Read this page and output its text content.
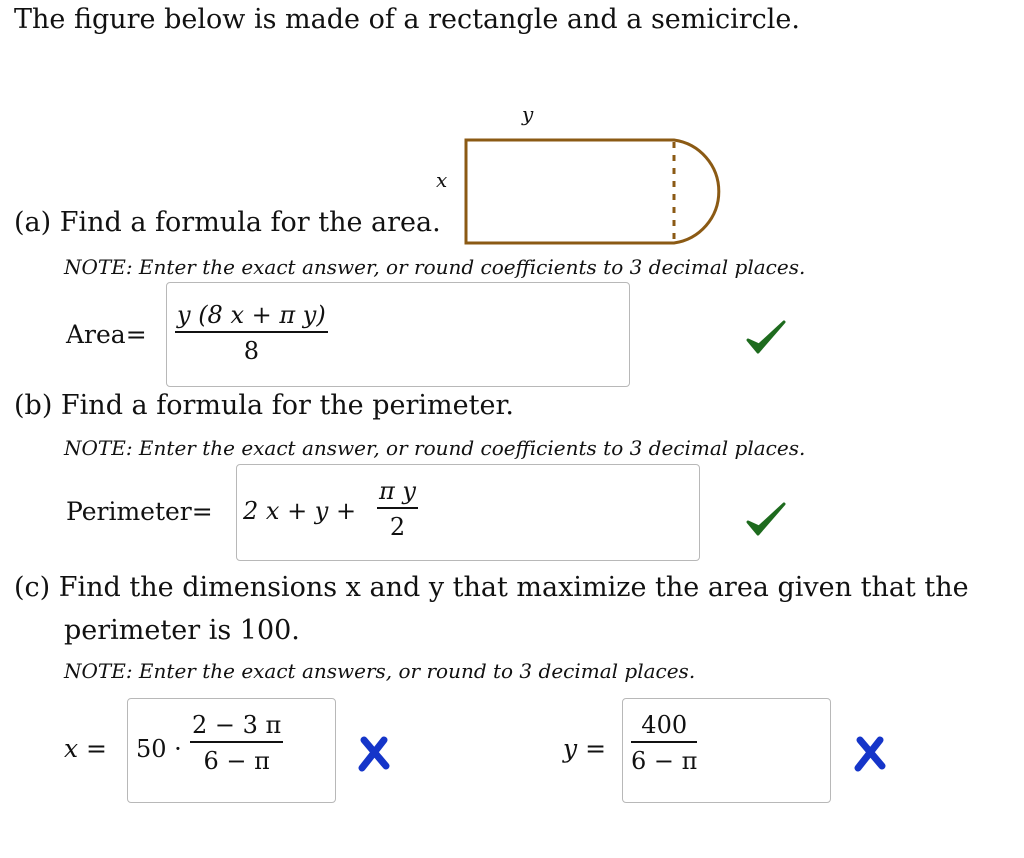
The figure below is made of a rectangle and a semicircle.
y
x
(a) Find a formula for the area.
NOTE: Enter the exact answer, or round coefficients to 3 decimal places.
Area=
y (8 x + π y)
8
(b) Find a formula for the perimeter.
NOTE: Enter the exact answer, or round coefficients to 3 decimal places.
Perimeter= 2 x + y +
π y
2
(c) Find the dimensions x and y that maximize the area given that the
perimeter is 100.
NOTE: Enter the exact answers, or round to 3 decimal places.
x = 50 ·
2 − 3 π
6 − π	y =
400
6 − π
